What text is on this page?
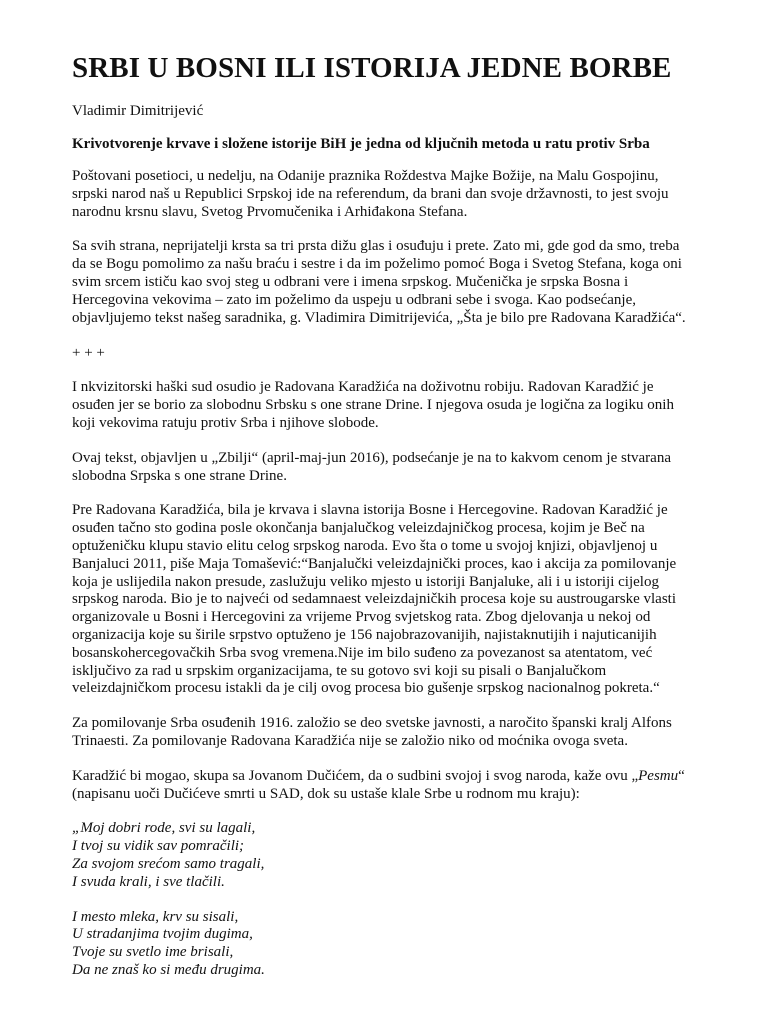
SRBI U BOSNI ILI ISTORIJA JEDNE BORBE
Vladimir Dimitrijević
Krivotvorenje krvave i složene istorije BiH je jedna od ključnih metoda u ratu protiv Srba
Poštovani posetioci, u nedelju, na Odanije praznika Roždestva Majke Božije, na Malu Gospojinu,
srpski narod naš u Republici Srpskoj ide na referendum, da brani dan svoje državnosti, to jest svoju
narodnu krsnu slavu, Svetog Prvomučenika i Arhiđakona Stefana.
Sa svih strana, neprijatelji krsta sa tri prsta dižu glas i osuđuju i prete. Zato mi, gde god da smo, treba
da se Bogu pomolimo za našu braću i sestre i da im poželimo pomoć Boga i Svetog Stefana, koga oni
svim srcem ističu kao svoj steg u odbrani vere i imena srpskog. Mučenička je srpska Bosna i
Hercegovina vekovima – zato im poželimo da uspeju u odbrani sebe i svoga. Kao podsećanje,
objavljujemo tekst našeg saradnika, g. Vladimira Dimitrijevića, „Šta je bilo pre Radovana Karadžića“.
+ + +
I nkvizitorski haški sud osudio je Radovana Karadžića na doživotnu robiju. Radovan Karadžić je
osuđen jer se borio za slobodnu Srbsku s one strane Drine. I njegova osuda je logična za logiku onih
koji vekovima ratuju protiv Srba i njihove slobode.
Ovaj tekst, objavljen u „Zbilji“ (april-maj-jun 2016), podsećanje je na to kakvom cenom je stvarana
slobodna Srpska s one strane Drine.
Pre Radovana Karadžića, bila je krvava i slavna istorija Bosne i Hercegovine. Radovan Karadžić je
osuđen tačno sto godina posle okončanja banjalučkog veleizdajničkog procesa, kojim je Beč na
optuženičku klupu stavio elitu celog srpskog naroda. Evo šta o tome u svojoj knjizi, objavljenoj u
Banjaluci 2011, piše Maja Tomašević:“Banjalučki veleizdajnički proces, kao i akcija za pomilovanje
koja je uslijedila nakon presude, zaslužuju veliko mjesto u istoriji Banjaluke, ali i u istoriji cijelog
srpskog naroda. Bio je to najveći od sedamnaest veleizdajničkih procesa koje su austrougarske vlasti
organizovale u Bosni i Hercegovini za vrijeme Prvog svjetskog rata. Zbog djelovanja u nekoj od
organizacija koje su širile srpstvo optuženo je 156 najobrazovanijih, najistaknutijih i najuticanijih
bosanskohercegovačkih Srba svog vremena.Nije im bilo suđeno za povezanost sa atentatom, već
isključivo za rad u srpskim organizacijama, te su gotovo svi koji su pisali o Banjalučkom
veleizdajničkom procesu istakli da je cilj ovog procesa bio gušenje srpskog nacionalnog pokreta.“
Za pomilovanje Srba osuđenih 1916. založio se deo svetske javnosti, a naročito španski kralj Alfons
Trinaesti. Za pomilovanje Radovana Karadžića nije se založio niko od moćnika ovoga sveta.
Karadžić bi mogao, skupa sa Jovanom Dučićem, da o sudbini svojoj i svog naroda, kaže ovu „Pesmu“
(napisanu uoči Dučićeve smrti u SAD, dok su ustaše klale Srbe u rodnom mu kraju):
„Moj dobri rode, svi su lagali,
I tvoj su vidik sav pomračili;
Za svojom srećom samo tragali,
I svuda krali, i sve tlačili.
I mesto mleka, krv su sisali,
U stradanjima tvojim dugima,
Tvoje su svetlo ime brisali,
Da ne znaš ko si među drugima.
